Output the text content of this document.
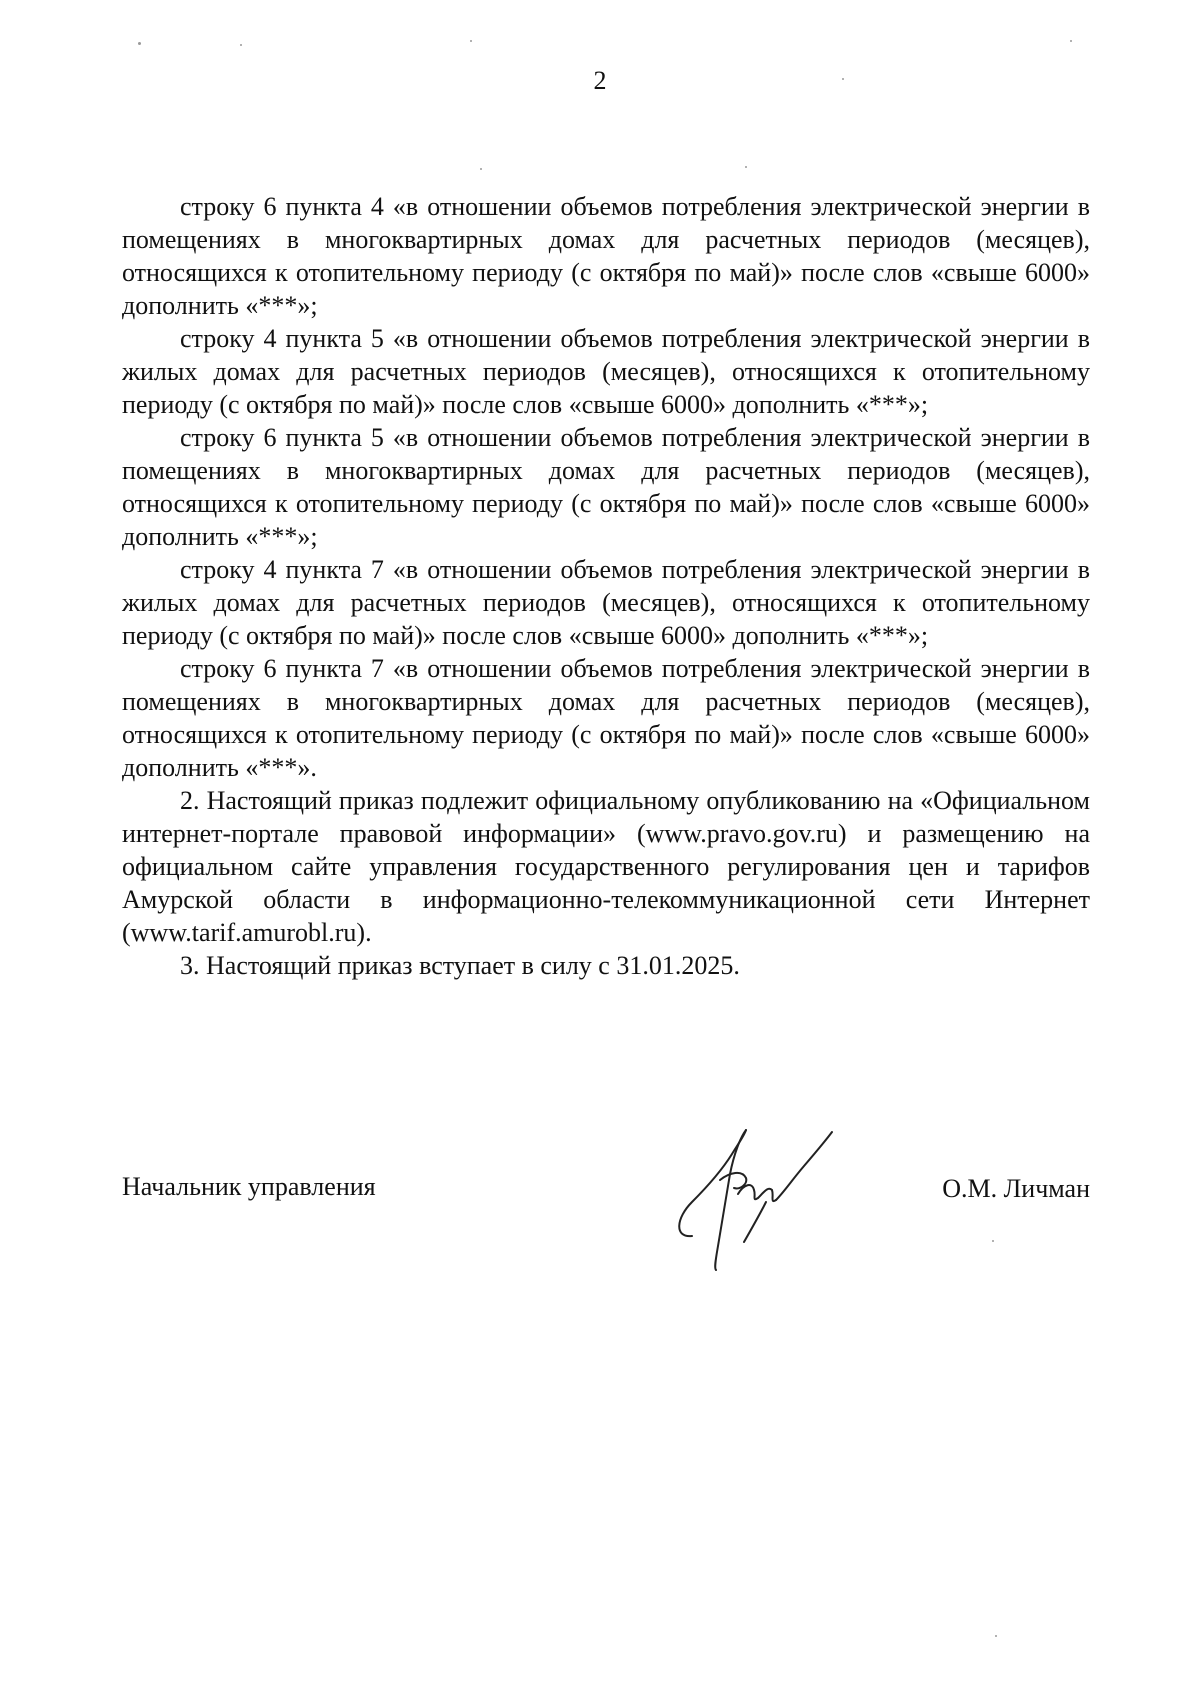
2

строку 6 пункта 4 «в отношении объемов потребления электрической энергии в помещениях в многоквартирных домах для расчетных периодов (месяцев), относящихся к отопительному периоду (с октября по май)» после слов «свыше 6000» дополнить «***»;

строку 4 пункта 5 «в отношении объемов потребления электрической энергии в жилых домах для расчетных периодов (месяцев), относящихся к отопительному периоду (с октября по май)» после слов «свыше 6000» дополнить «***»;

строку 6 пункта 5 «в отношении объемов потребления электрической энергии в помещениях в многоквартирных домах для расчетных периодов (месяцев), относящихся к отопительному периоду (с октября по май)» после слов «свыше 6000» дополнить «***»;

строку 4 пункта 7 «в отношении объемов потребления электрической энергии в жилых домах для расчетных периодов (месяцев), относящихся к отопительному периоду (с октября по май)» после слов «свыше 6000» дополнить «***»;

строку 6 пункта 7 «в отношении объемов потребления электрической энергии в помещениях в многоквартирных домах для расчетных периодов (месяцев), относящихся к отопительному периоду (с октября по май)» после слов «свыше 6000» дополнить «***».

2. Настоящий приказ подлежит официальному опубликованию на «Официальном интернет-портале правовой информации» (www.pravo.gov.ru) и размещению на официальном сайте управления государственного регулирования цен и тарифов Амурской области в информационно-телекоммуникационной сети Интернет (www.tarif.amurobl.ru).

3. Настоящий приказ вступает в силу с 31.01.2025.

Начальник управления	О.М. Личман
